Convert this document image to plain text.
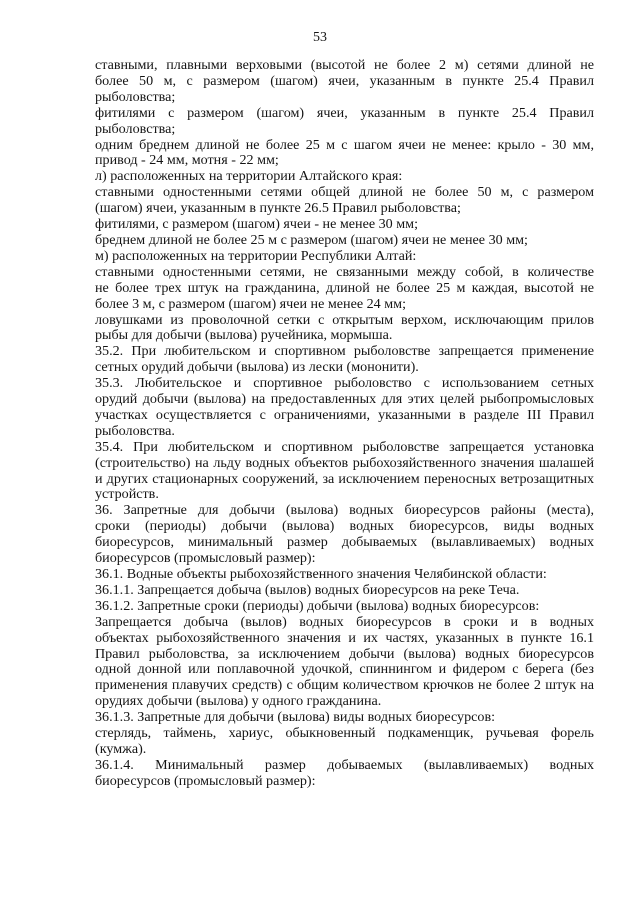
53
ставными, плавными верховыми (высотой не более 2 м) сетями длиной не
более 50 м, с размером (шагом) ячеи, указанным в пункте 25.4 Правил
рыболовства;
фитилями с размером (шагом) ячеи, указанным в пункте 25.4 Правил
рыболовства;
одним бреднем длиной не более 25 м с шагом ячеи не менее: крыло - 30 мм,
привод - 24 мм, мотня - 22 мм;
л) расположенных на территории Алтайского края:
ставными одностенными сетями общей длиной не более 50 м, с размером
(шагом) ячеи, указанным в пункте 26.5 Правил рыболовства;
фитилями, с размером (шагом) ячеи - не менее 30 мм;
бреднем длиной не более 25 м с размером (шагом) ячеи не менее 30 мм;
м) расположенных на территории Республики Алтай:
ставными одностенными сетями, не связанными между собой, в количестве
не более трех штук на гражданина, длиной не более 25 м каждая, высотой не
более 3 м, с размером (шагом) ячеи не менее 24 мм;
ловушками из проволочной сетки с открытым верхом, исключающим прилов
рыбы для добычи (вылова) ручейника, мормыша.
35.2. При любительском и спортивном рыболовстве запрещается применение
сетных орудий добычи (вылова) из лески (мононити).
35.3. Любительское и спортивное рыболовство с использованием сетных
орудий добычи (вылова) на предоставленных для этих целей рыбопромысловых
участках осуществляется с ограничениями, указанными в разделе III Правил
рыболовства.
35.4. При любительском и спортивном рыболовстве запрещается установка
(строительство) на льду водных объектов рыбохозяйственного значения шалашей
и других стационарных сооружений, за исключением переносных ветрозащитных
устройств.
36. Запретные для добычи (вылова) водных биоресурсов районы (места),
сроки (периоды) добычи (вылова) водных биоресурсов, виды водных
биоресурсов, минимальный размер добываемых (вылавливаемых) водных
биоресурсов (промысловый размер):
36.1. Водные объекты рыбохозяйственного значения Челябинской области:
36.1.1. Запрещается добыча (вылов) водных биоресурсов на реке Теча.
36.1.2. Запретные сроки (периоды) добычи (вылова) водных биоресурсов:
Запрещается добыча (вылов) водных биоресурсов в сроки и в водных
объектах рыбохозяйственного значения и их частях, указанных в пункте 16.1
Правил рыболовства, за исключением добычи (вылова) водных биоресурсов
одной донной или поплавочной удочкой, спиннингом и фидером с берега (без
применения плавучих средств) с общим количеством крючков не более 2 штук на
орудиях добычи (вылова) у одного гражданина.
36.1.3. Запретные для добычи (вылова) виды водных биоресурсов:
стерлядь, таймень, хариус, обыкновенный подкаменщик, ручьевая форель
(кумжа).
36.1.4. Минимальный размер добываемых (вылавливаемых) водных
биоресурсов (промысловый размер):
